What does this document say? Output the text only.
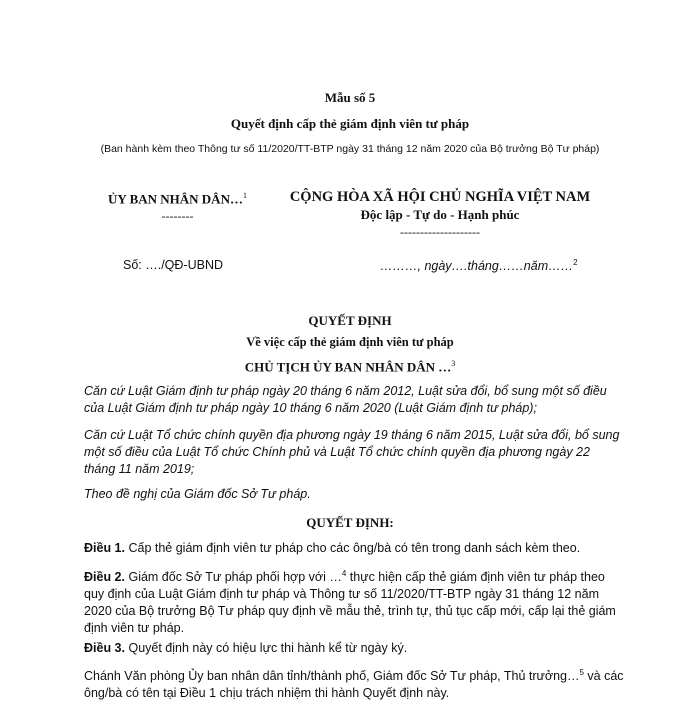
Mẫu số 5
Quyết định cấp thẻ giám định viên tư pháp
(Ban hành kèm theo Thông tư số 11/2020/TT-BTP ngày 31 tháng 12 năm 2020 của Bộ trưởng Bộ Tư pháp)
ỦY BAN NHÂN DÂN…$^1$
--------
CỘNG HÒA XÃ HỘI CHỦ NGHĨA VIỆT NAM
Độc lập - Tự do - Hạnh phúc
--------------------
Số: …./QĐ-UBND	………, ngày….tháng……năm……$^2$
QUYẾT ĐỊNH
Về việc cấp thẻ giám định viên tư pháp
CHỦ TỊCH ỦY BAN NHÂN DÂN …$^3$
Căn cứ Luật Giám định tư pháp ngày 20 tháng 6 năm 2012, Luật sửa đổi, bổ sung một số điều của Luật Giám định tư pháp ngày 10 tháng 6 năm 2020 (Luật Giám định tư pháp);
Căn cứ Luật Tổ chức chính quyền địa phương ngày 19 tháng 6 năm 2015, Luật sửa đổi, bổ sung một số điều của Luật Tổ chức Chính phủ và Luật Tổ chức chính quyền địa phương ngày 22 tháng 11 năm 2019;
Theo đề nghị của Giám đốc Sở Tư pháp.
QUYẾT ĐỊNH:
Điều 1. Cấp thẻ giám định viên tư pháp cho các ông/bà có tên trong danh sách kèm theo.
Điều 2. Giám đốc Sở Tư pháp phối hợp với …$^4$ thực hiện cấp thẻ giám định viên tư pháp theo quy định của Luật Giám định tư pháp và Thông tư số 11/2020/TT-BTP ngày 31 tháng 12 năm 2020 của Bộ trưởng Bộ Tư pháp quy định về mẫu thẻ, trình tự, thủ tục cấp mới, cấp lại thẻ giám định viên tư pháp.
Điều 3. Quyết định này có hiệu lực thi hành kể từ ngày ký.
Chánh Văn phòng Ủy ban nhân dân tỉnh/thành phố, Giám đốc Sở Tư pháp, Thủ trưởng…$^5$ và các ông/bà có tên tại Điều 1 chịu trách nhiệm thi hành Quyết định này.
